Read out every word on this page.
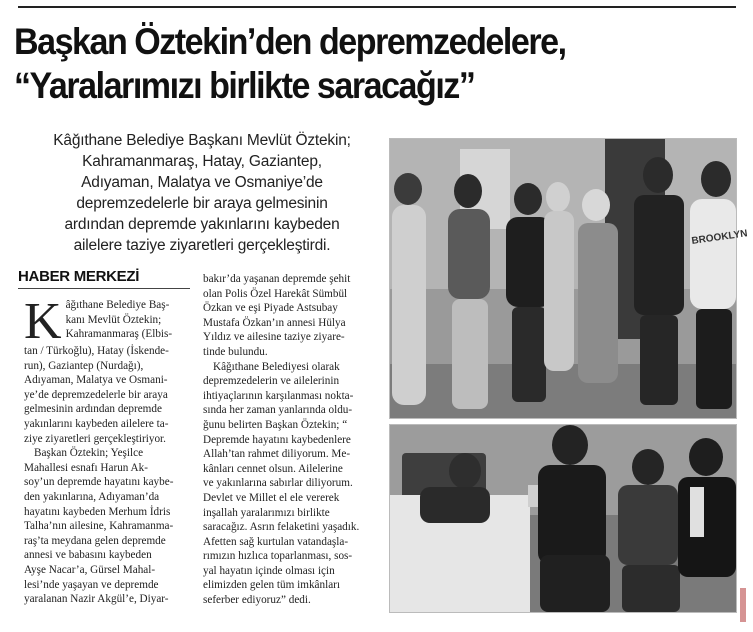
Başkan Öztekin’den depremzedelere,
“Yaralarımızı birlikte saracağız”
Kâğıthane Belediye Başkanı Mevlüt Öztekin;
Kahramanmaraş, Hatay, Gaziantep,
Adıyaman, Malatya ve Osmaniye’de
depremzedelerle bir araya gelmesinin
ardından depremde yakınlarını kaybeden
ailelere taziye ziyaretleri gerçekleştirdi.
HABER MERKEZİ
K âğıthane Belediye Baş-
kanı Mevlüt Öztekin;
Kahramanmaraş (Elbis-
tan / Türkoğlu), Hatay (İskende-
run), Gaziantep (Nurdağı),
Adıyaman, Malatya ve Osmani-
ye’de depremzedelerle bir araya
gelmesinin ardından depremde
yakınlarını kaybeden ailelere ta-
ziye ziyaretleri gerçekleştiriyor.
Başkan Öztekin; Yeşilce
Mahallesi esnafı Harun Ak-
soy’un depremde hayatını kaybe-
den yakınlarına, Adıyaman’da
hayatını kaybeden Merhum İdris
Talha’nın ailesine, Kahramanma-
raş’ta meydana gelen depremde
annesi ve babasını kaybeden
Ayşe Nacar’a, Gürsel Mahal-
lesi’nde yaşayan ve depremde
yaralanan Nazir Akgül’e, Diyar-
bakır’da yaşanan depremde şehit
olan Polis Özel Harekât Sümbül
Özkan ve eşi Piyade Astsubay
Mustafa Özkan’ın annesi Hülya
Yıldız ve ailesine taziye ziyare-
tinde bulundu.
Kâğıthane Belediyesi olarak
depremzedelerin ve ailelerinin
ihtiyaçlarının karşılanması nokta-
sında her zaman yanlarında oldu-
ğunu belirten Başkan Öztekin; “
Depremde hayatını kaybedenlere
Allah’tan rahmet diliyorum. Me-
kânları cennet olsun. Ailelerine
ve yakınlarına sabırlar diliyorum.
Devlet ve Millet el ele vererek
inşallah yaralarımızı birlikte
saracağız. Asrın felaketini yaşadık.
Afetten sağ kurtulan vatandaşla-
rımızın hızlıca toparlanması, sos-
yal hayatın içinde olması için
elimizden gelen tüm imkânları
seferber ediyoruz” dedi.
BROOKLYN
